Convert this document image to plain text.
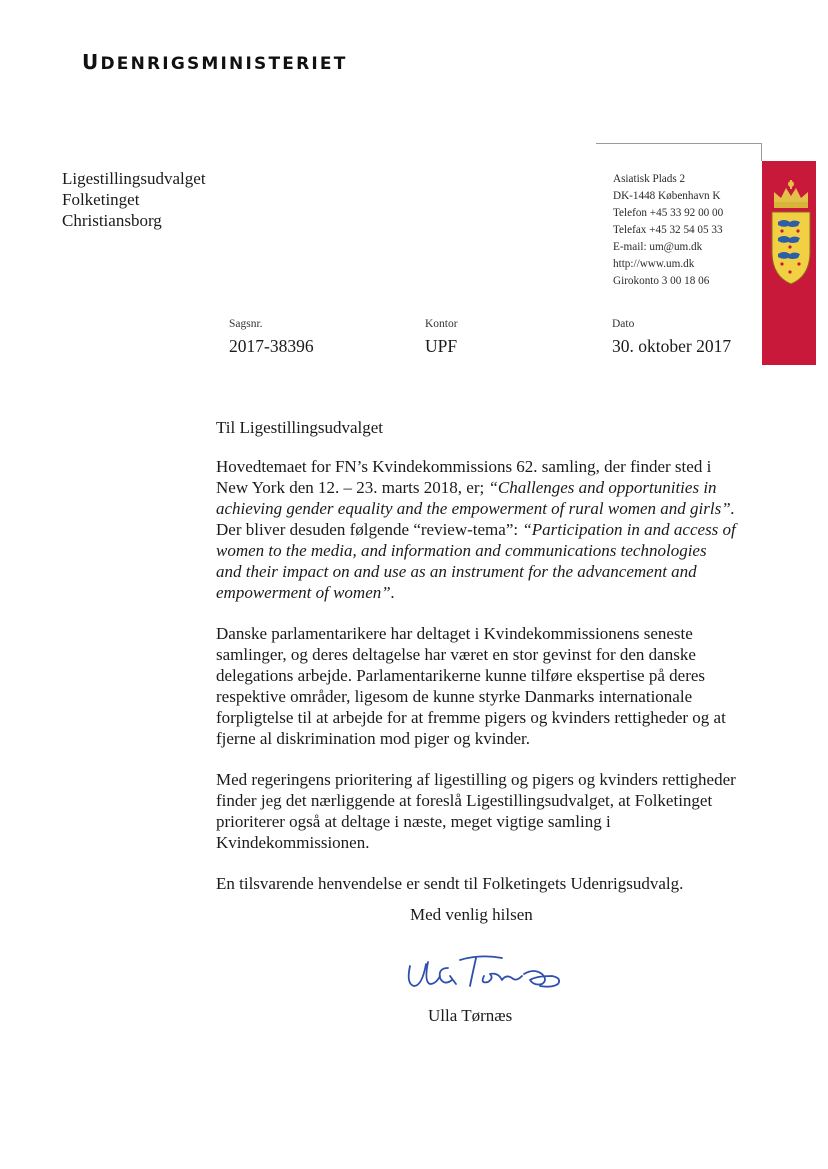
UDENRIGSMINISTERIET
Ligestillingsudvalget
Folketinget
Christiansborg
Asiatisk Plads 2
DK-1448 København K
Telefon +45 33 92 00 00
Telefax +45 32 54 05 33
E-mail: um@um.dk
http://www.um.dk
Girokonto 3 00 18 06
Sagsnr.
2017-38396
Kontor
UPF
Dato
30. oktober 2017

Til Ligestillingsudvalget

Hovedtemaet for FN’s Kvindekommissions 62. samling, der finder sted i New York den 12. – 23. marts 2018, er; “Challenges and opportunities in achieving gender equality and the empowerment of rural women and girls”. Der bliver desuden følgende “review-tema”: “Participation in and access of women to the media, and information and communications technologies and their impact on and use as an instrument for the advancement and empowerment of women”.

Danske parlamentarikere har deltaget i Kvindekommissionens seneste samlinger, og deres deltagelse har været en stor gevinst for den danske delegations arbejde. Parlamentarikerne kunne tilføre ekspertise på deres respektive områder, ligesom de kunne styrke Danmarks internationale forpligtelse til at arbejde for at fremme pigers og kvinders rettigheder og at fjerne al diskrimination mod piger og kvinder.

Med regeringens prioritering af ligestilling og pigers og kvinders rettigheder finder jeg det nærliggende at foreslå Ligestillingsudvalget, at Folketinget prioriterer også at deltage i næste, meget vigtige samling i Kvindekommissionen.

En tilsvarende henvendelse er sendt til Folketingets Udenrigsudvalg.

Med venlig hilsen
Ulla Tørnæs
